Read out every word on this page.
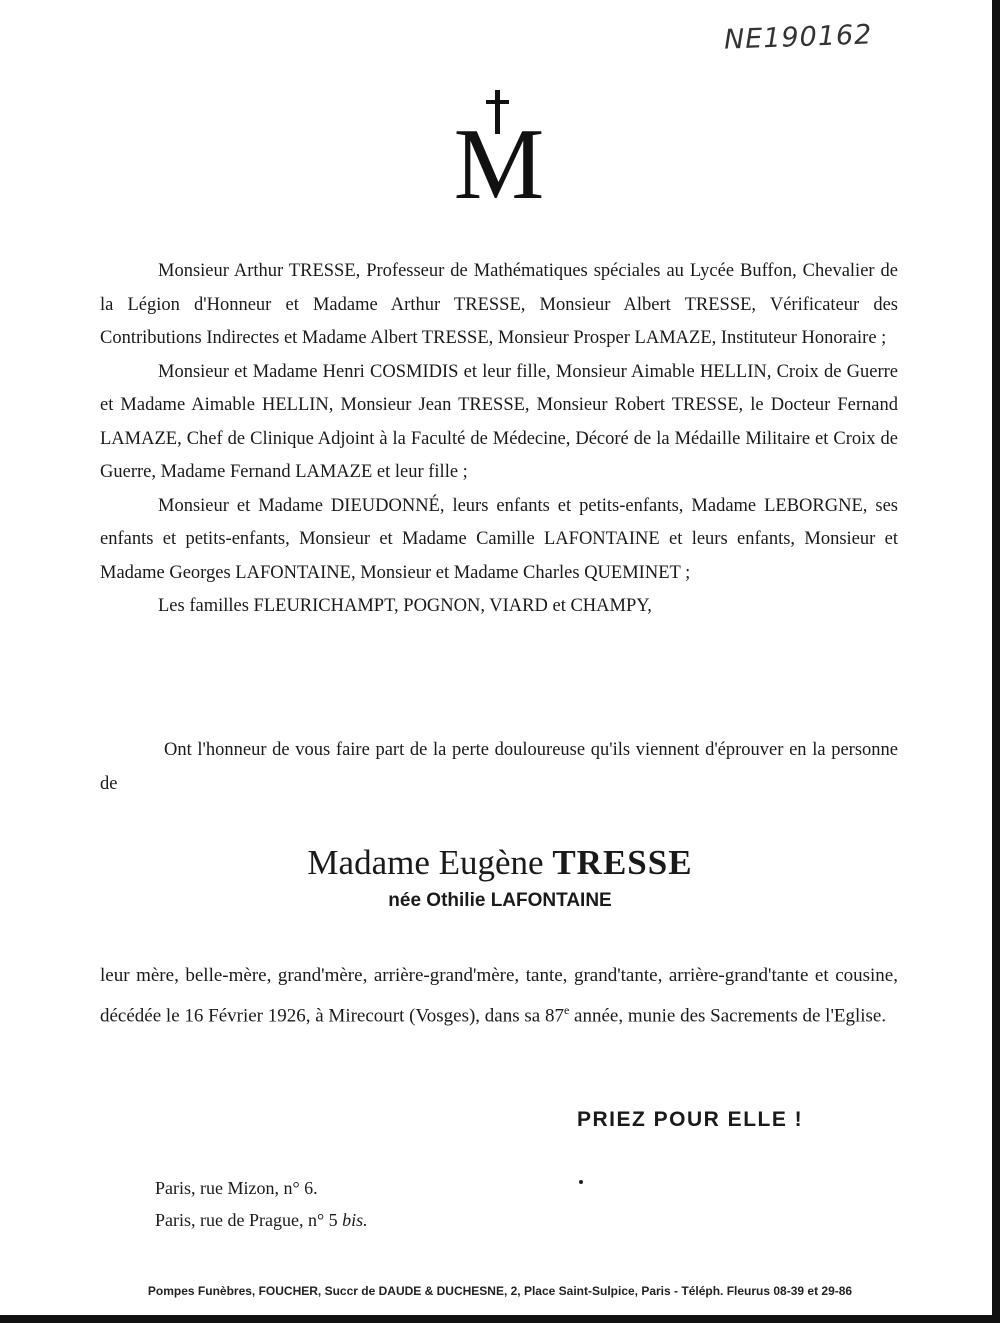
NE190162
M

Monsieur Arthur TRESSE, Professeur de Mathématiques spéciales au Lycée Buffon, Chevalier de la Légion d'Honneur et Madame Arthur TRESSE, Monsieur Albert TRESSE, Vérificateur des Contributions Indirectes et Madame Albert TRESSE, Monsieur Prosper LAMAZE, Instituteur Honoraire ;

Monsieur et Madame Henri COSMIDIS et leur fille, Monsieur Aimable HELLIN, Croix de Guerre et Madame Aimable HELLIN, Monsieur Jean TRESSE, Monsieur Robert TRESSE, le Docteur Fernand LAMAZE, Chef de Clinique Adjoint à la Faculté de Médecine, Décoré de la Médaille Militaire et Croix de Guerre, Madame Fernand LAMAZE et leur fille ;

Monsieur et Madame DIEUDONNÉ, leurs enfants et petits-enfants, Madame LEBORGNE, ses enfants et petits-enfants, Monsieur et Madame Camille LAFONTAINE et leurs enfants, Monsieur et Madame Georges LAFONTAINE, Monsieur et Madame Charles QUEMINET ;

Les familles FLEURICHAMPT, POGNON, VIARD et CHAMPY,

Ont l'honneur de vous faire part de la perte douloureuse qu'ils viennent d'éprouver en la personne de

Madame Eugène TRESSE
née Othilie LAFONTAINE

leur mère, belle-mère, grand'mère, arrière-grand'mère, tante, grand'tante, arrière-grand'tante et cousine, décédée le 16 Février 1926, à Mirecourt (Vosges), dans sa 87e année, munie des Sacrements de l'Eglise.

PRIEZ POUR ELLE !
Paris, rue Mizon, n° 6.
Paris, rue de Prague, n° 5 bis.
Pompes Funèbres, FOUCHER, Succr de DAUDE & DUCHESNE, 2, Place Saint-Sulpice, Paris - Téléph. Fleurus 08-39 et 29-86
